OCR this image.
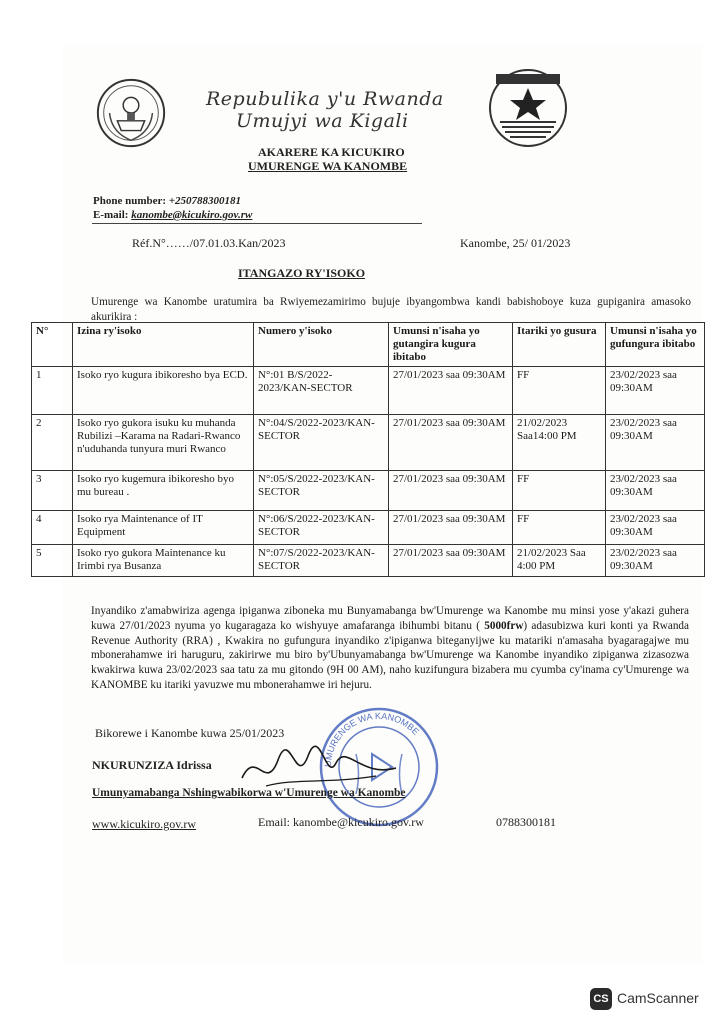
Repubulika y'u Rwanda
Umujyi wa Kigali
AKARERE KA KICUKIRO
UMURENGE WA KANOMBE
Phone number: +250788300181
E-mail: kanombe@kicukiro.gov.rw
Réf.N°……/07.01.03.Kan/2023	Kanombe, 25/ 01/2023
ITANGAZO RY'ISOKO
Umurenge wa Kanombe uratumira ba Rwiyemezamirimo bujuje ibyangombwa kandi babishoboye kuza gupiganira amasoko akurikira :
N°	Izina ry'isoko	Numero y'isoko	Umunsi n'isaha yo gutangira kugura ibitabo	Itariki yo gusura	Umunsi n'isaha yo gufungura ibitabo
1	Isoko ryo kugura ibikoresho bya ECD.	N°:01 B/S/2022-2023/KAN-SECTOR	27/01/2023 saa 09:30AM	FF	23/02/2023 saa 09:30AM
2	Isoko ryo gukora isuku ku muhanda Rubilizi –Karama na Radari-Rwanco n'uduhanda tunyura muri Rwanco	N°:04/S/2022-2023/KAN-SECTOR	27/01/2023 saa 09:30AM	21/02/2023 Saa14:00 PM	23/02/2023 saa 09:30AM
3	Isoko ryo kugemura ibikoresho byo mu bureau .	N°:05/S/2022-2023/KAN-SECTOR	27/01/2023 saa 09:30AM	FF	23/02/2023 saa 09:30AM
4	Isoko rya Maintenance of IT Equipment	N°:06/S/2022-2023/KAN-SECTOR	27/01/2023 saa 09:30AM	FF	23/02/2023 saa 09:30AM
5	Isoko ryo gukora Maintenance ku Irimbi rya Busanza	N°:07/S/2022-2023/KAN-SECTOR	27/01/2023 saa 09:30AM	21/02/2023 Saa 4:00 PM	23/02/2023 saa 09:30AM
Inyandiko z'amabwiriza agenga ipiganwa ziboneka mu Bunyamabanga bw'Umurenge wa Kanombe mu minsi yose y'akazi guhera kuwa 27/01/2023 nyuma yo kugaragaza ko wishyuye amafaranga ibihumbi bitanu ( 5000frw) adasubizwa kuri konti ya Rwanda Revenue Authority (RRA) , Kwakira no gufungura inyandiko z'ipiganwa biteganyijwe ku matariki n'amasaha byagaragajwe mu mbonerahamwe iri haruguru, zakirirwe mu biro by'Ubunyamabanga bw'Umurenge wa Kanombe inyandiko zipiganwa zizasozwa kwakirwa kuwa 23/02/2023 saa tatu za mu gitondo (9H 00 AM), naho kuzifungura bizabera mu cyumba cy'inama cy'Umurenge wa KANOMBE ku itariki yavuzwe mu mbonerahamwe iri hejuru.
UMURENGE WA KANOMBE
Bikorewe i Kanombe kuwa 25/01/2023
NKURUNZIZA Idrissa
Umunyamabanga Nshingwabikorwa w'Umurenge wa Kanombe
www.kicukiro.gov.rw	Email: kanombe@kicukiro.gov.rw	0788300181
CS CamScanner
